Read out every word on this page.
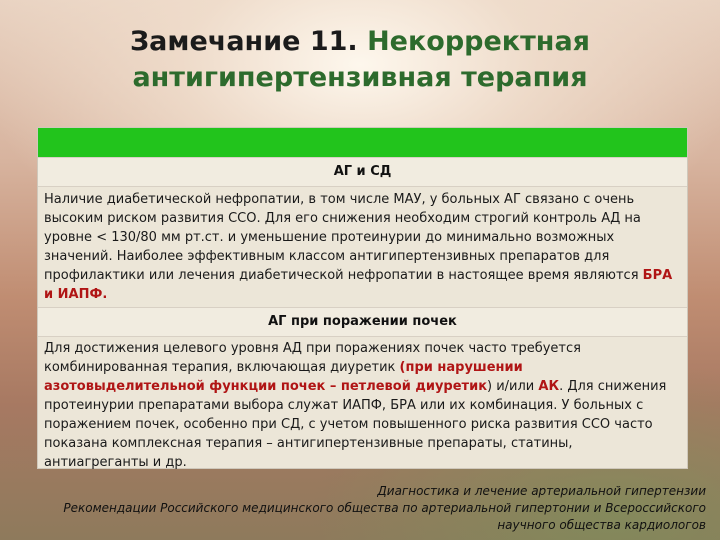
Замечание 11. Некорректная
антигипертензивная терапия
АГ и СД
Наличие диабетической нефропатии, в том числе МАУ, у больных АГ связано с очень высоким риском развития ССО. Для его снижения необходим строгий контроль АД на уровне < 130/80 мм рт.ст. и уменьшение протеинурии до минимально возможных значений. Наиболее эффективным классом антигипертензивных препаратов для профилактики или лечения диабетической нефропатии в настоящее время являются БРА и ИАПФ.
АГ при поражении почек
Для достижения целевого уровня АД при поражениях почек часто требуется комбинированная терапия, включающая диуретик (при нарушении азотовыделительной функции почек – петлевой диуретик) и/или АК. Для снижения протеинурии препаратами выбора служат ИАПФ, БРА или их комбинация. У больных с поражением почек, особенно при СД, с учетом повышенного риска развития ССО часто показана комплексная терапия – антигипертензивные препараты, статины, антиагреганты и др.
Диагностика и лечение артериальной гипертензии
Рекомендации Российского медицинского общества по артериальной гипертонии и Всероссийского
научного общества кардиологов
